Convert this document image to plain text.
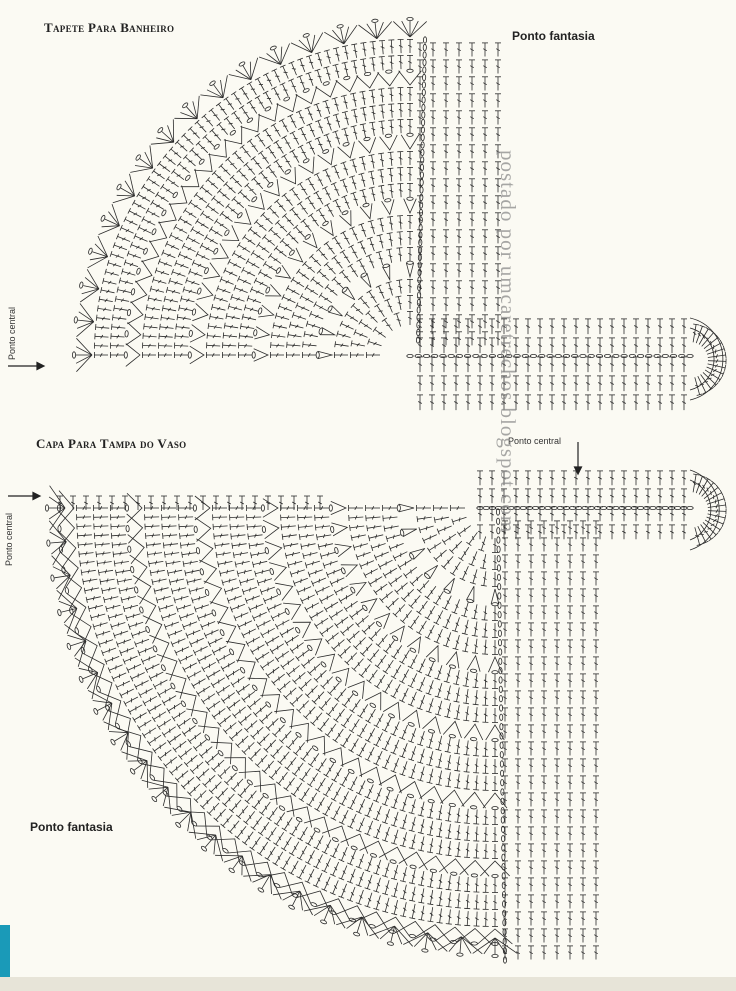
Tapete Para Banheiro
Ponto fantasia
Ponto central
Capa Para Tampa do Vaso	Ponto central
Ponto central
Ponto fantasia
postado por umcaretrechos.blogspot.com
